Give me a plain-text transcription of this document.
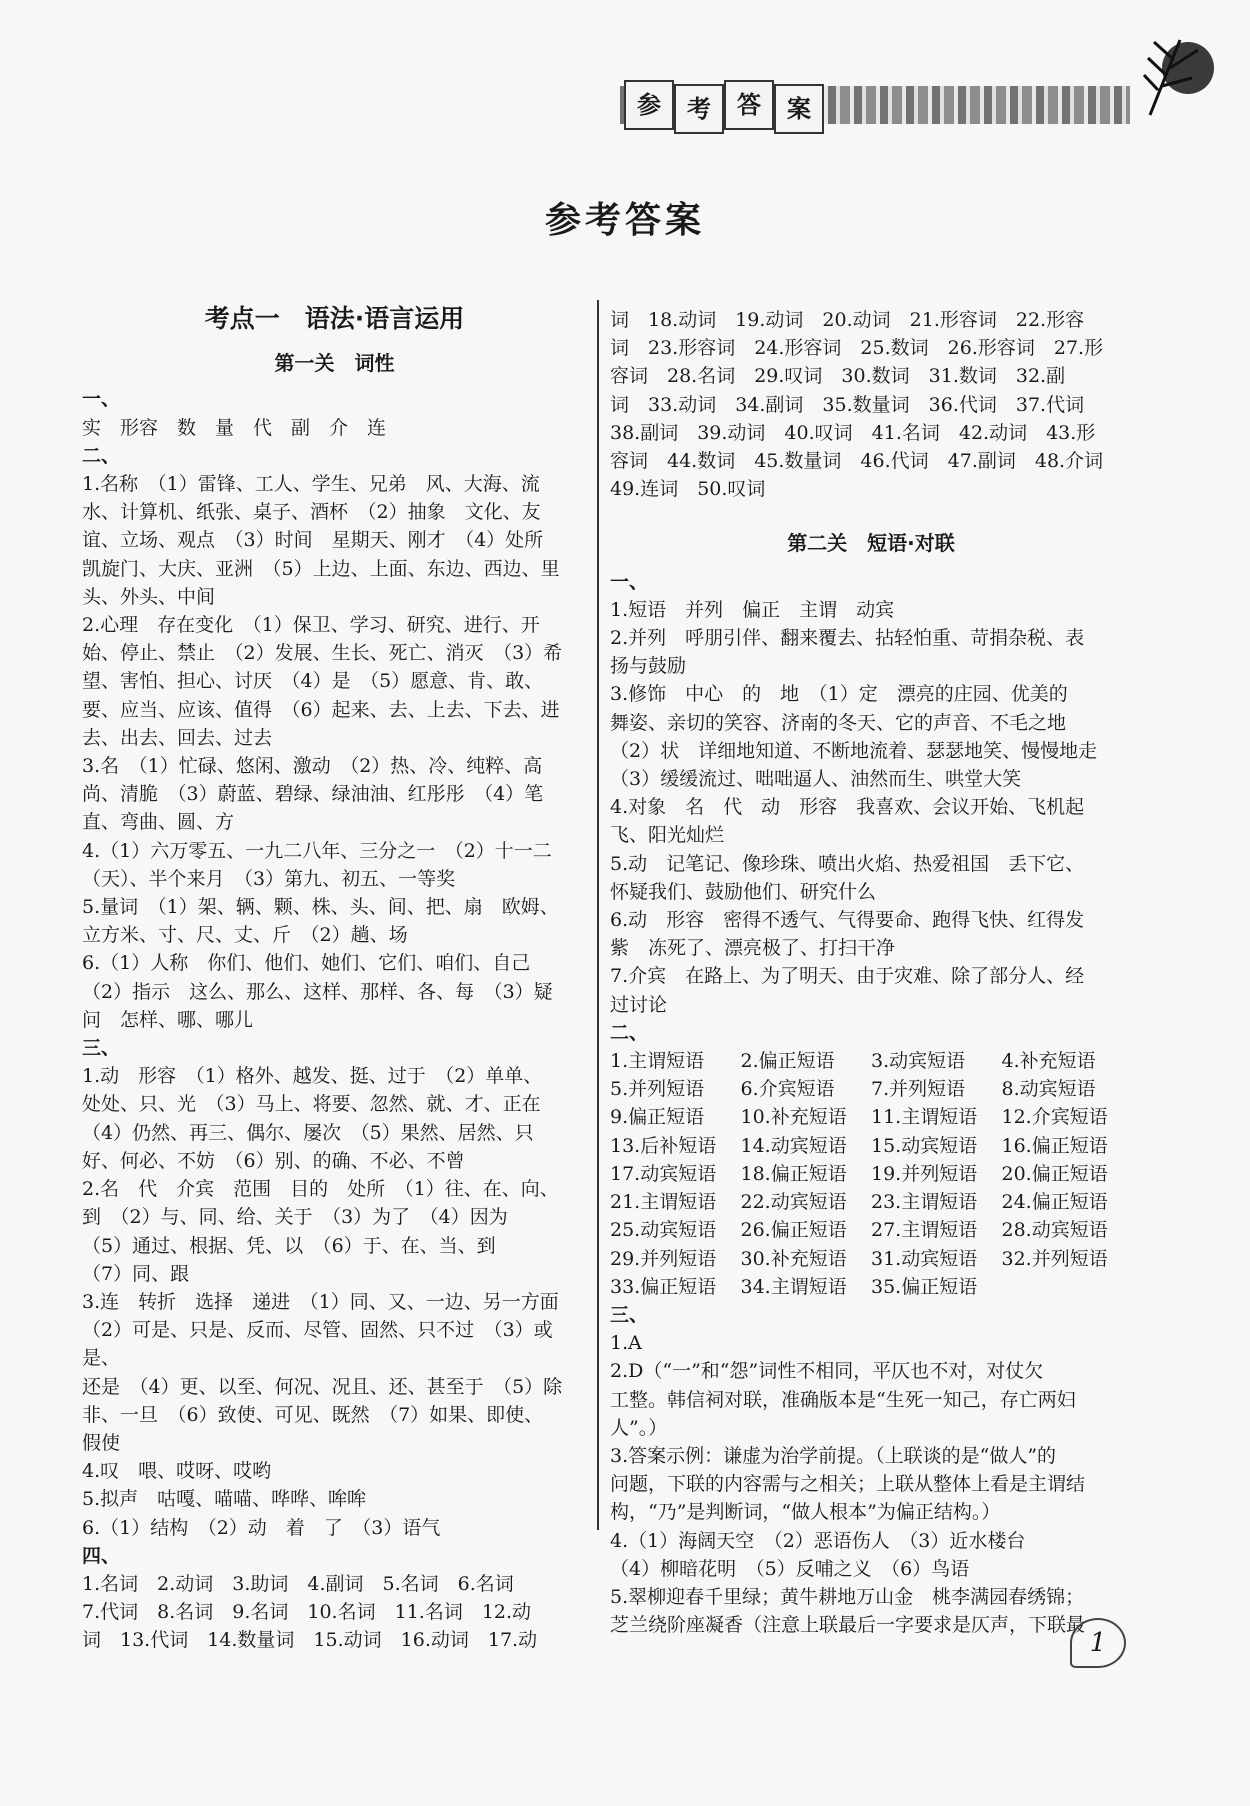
参	考	答	案
参考答案
考点一　语法·语言运用
第一关　词性
一、
实　形容　数　量　代　副　介　连
二、
1.名称　（1）雷锋、工人、学生、兄弟　风、大海、流
水、计算机、纸张、桌子、酒杯　（2）抽象　文化、友
谊、立场、观点　（3）时间　星期天、刚才　（4）处所
凯旋门、大庆、亚洲　（5）上边、上面、东边、西边、里
头、外头、中间
2.心理　存在变化　（1）保卫、学习、研究、进行、开
始、停止、禁止　（2）发展、生长、死亡、消灭　（3）希
望、害怕、担心、讨厌　（4）是　（5）愿意、肯、敢、
要、应当、应该、值得　（6）起来、去、上去、下去、进
去、出去、回去、过去
3.名　（1）忙碌、悠闲、激动　（2）热、冷、纯粹、高
尚、清脆　（3）蔚蓝、碧绿、绿油油、红彤彤　（4）笔
直、弯曲、圆、方
4.（1）六万零五、一九二八年、三分之一　（2）十一二
（天）、半个来月　（3）第九、初五、一等奖
5.量词　（1）架、辆、颗、株、头、间、把、扇　欧姆、
立方米、寸、尺、丈、斤　（2）趟、场
6.（1）人称　你们、他们、她们、它们、咱们、自己
（2）指示　这么、那么、这样、那样、各、每　（3）疑
问　怎样、哪、哪儿
三、
1.动　形容　（1）格外、越发、挺、过于　（2）单单、
处处、只、光　（3）马上、将要、忽然、就、才、正在
（4）仍然、再三、偶尔、屡次　（5）果然、居然、只
好、何必、不妨　（6）别、的确、不必、不曾
2.名　代　介宾　范围　目的　处所　（1）往、在、向、
到　（2）与、同、给、关于　（3）为了　（4）因为
（5）通过、根据、凭、以　（6）于、在、当、到
（7）同、跟
3.连　转折　选择　递进　（1）同、又、一边、另一方面
（2）可是、只是、反而、尽管、固然、只不过　（3）或是、
还是　（4）更、以至、何况、况且、还、甚至于　（5）除
非、一旦　（6）致使、可见、既然　（7）如果、即使、
假使
4.叹　喂、哎呀、哎哟
5.拟声　咕嘎、喵喵、哗哗、哞哞
6.（1）结构　（2）动　着　了　（3）语气
四、
1.名词　2.动词　3.助词　4.副词　5.名词　6.名词
7.代词　8.名词　9.名词　10.名词　11.名词　12.动
词　13.代词　14.数量词　15.动词　16.动词　17.动
词　18.动词　19.动词　20.动词　21.形容词　22.形容
词　23.形容词　24.形容词　25.数词　26.形容词　27.形
容词　28.名词　29.叹词　30.数词　31.数词　32.副
词　33.动词　34.副词　35.数量词　36.代词　37.代词
38.副词　39.动词　40.叹词　41.名词　42.动词　43.形
容词　44.数词　45.数量词　46.代词　47.副词　48.介词
49.连词　50.叹词
第二关　短语·对联
一、
1.短语　并列　偏正　主谓　动宾
2.并列　呼朋引伴、翻来覆去、拈轻怕重、苛捐杂税、表
扬与鼓励
3.修饰　中心　的　地　（1）定　漂亮的庄园、优美的
舞姿、亲切的笑容、济南的冬天、它的声音、不毛之地
（2）状　详细地知道、不断地流着、瑟瑟地笑、慢慢地走
（3）缓缓流过、咄咄逼人、油然而生、哄堂大笑
4.对象　名　代　动　形容　我喜欢、会议开始、飞机起
飞、阳光灿烂
5.动　记笔记、像珍珠、喷出火焰、热爱祖国　丢下它、
怀疑我们、鼓励他们、研究什么
6.动　形容　密得不透气、气得要命、跑得飞快、红得发
紫　冻死了、漂亮极了、打扫干净
7.介宾　在路上、为了明天、由于灾难、除了部分人、经
过讨论
二、
1.主谓短语	2.偏正短语	3.动宾短语	4.补充短语
5.并列短语	6.介宾短语	7.并列短语	8.动宾短语
9.偏正短语	10.补充短语	11.主谓短语	12.介宾短语
13.后补短语	14.动宾短语	15.动宾短语	16.偏正短语
17.动宾短语	18.偏正短语	19.并列短语	20.偏正短语
21.主谓短语	22.动宾短语	23.主谓短语	24.偏正短语
25.动宾短语	26.偏正短语	27.主谓短语	28.动宾短语
29.并列短语	30.补充短语	31.动宾短语	32.并列短语
33.偏正短语	34.主谓短语	35.偏正短语
三、
1.A
2.D（“一”和“怨”词性不相同，平仄也不对，对仗欠
工整。韩信祠对联，准确版本是“生死一知己，存亡两妇
人”。）
3.答案示例：谦虚为治学前提。（上联谈的是“做人”的
问题，下联的内容需与之相关；上联从整体上看是主谓结
构，“乃”是判断词，“做人根本”为偏正结构。）
4.（1）海阔天空　（2）恶语伤人　（3）近水楼台
（4）柳暗花明　（5）反哺之义　（6）鸟语
5.翠柳迎春千里绿；黄牛耕地万山金　桃李满园春绣锦；
芝兰绕阶座凝香（注意上联最后一字要求是仄声，下联最
1
